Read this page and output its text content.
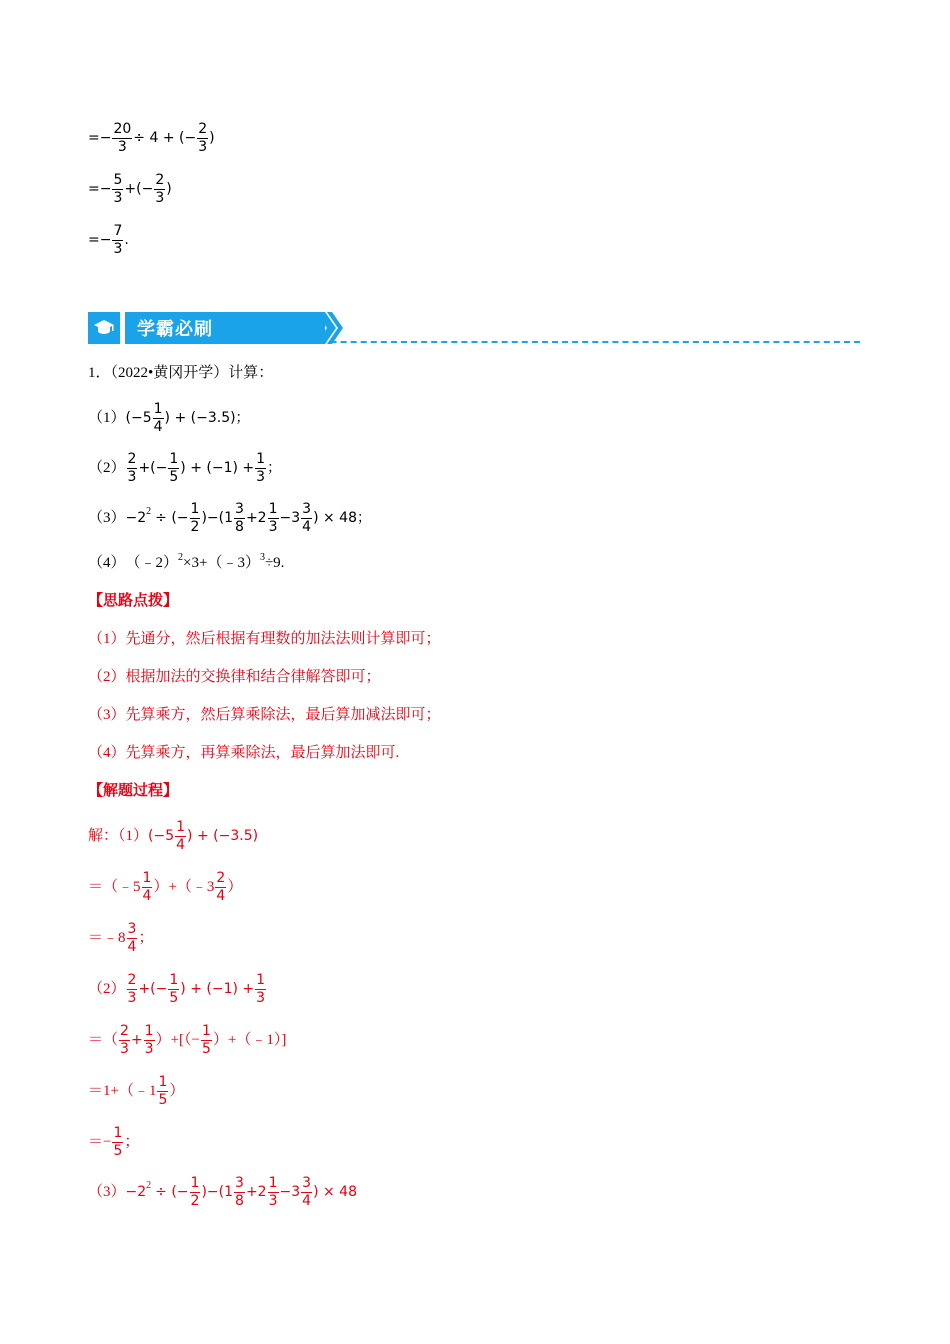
=− $\frac{20}{3} \div 4$ + (− $\frac{2}{3}$ )
=− $\frac{5}{3}$ +(− $\frac{2}{3}$ )
=− $\frac{7}{3}$ .
学霸必刷
1．（2022•黄冈开学）计算：
（1） ($-5 \frac{1}{4}$ ) + (−3.5)；
$(2) \frac{2}{3}$ +(− $\frac{1}{5}$ ) + $(-1) + \frac{1}{3}$ ；
$(3) -2^2$ ÷ (− $\frac{1}{2} )-(1 \frac{3}{8} +2 \frac{1}{3} -3 \frac{3}{4}$ ) × 48；
（4） （﹣2）$^2$ ×3+（﹣3）$^3$ ÷9.
【思路点拨】
（1）先通分，然后根据有理数的加法法则计算即可；
（2）根据加法的交换律和结合律解答即可；
（3）先算乘方，然后算乘除法，最后算加减法即可；
（4）先算乘方，再算乘除法，最后算加法即可.
【解题过程】
解：（1） ($-5 \frac{1}{4}$ ) + (−3.5)
＝（﹣5 $\frac{1}{4}$ ）+（﹣3 $\frac{2}{4}$ ）
＝﹣8 $\frac{3}{4}$ ；
$(2) \frac{2}{3}$ +(− $\frac{1}{5}$ ) + $(-1) + \frac{1}{3}$
＝（ $\frac{2}{3} + \frac{1}{3}$ ）+[（− $\frac{1}{5}$ ）+（﹣1）]
＝1+（﹣1 $\frac{1}{5}$ ）
＝− $\frac{1}{5}$ ；
$(3) -2^2$ ÷ (− $\frac{1}{2} )-(1 \frac{3}{8} +2 \frac{1}{3} -3 \frac{3}{4}$ ) × 48
